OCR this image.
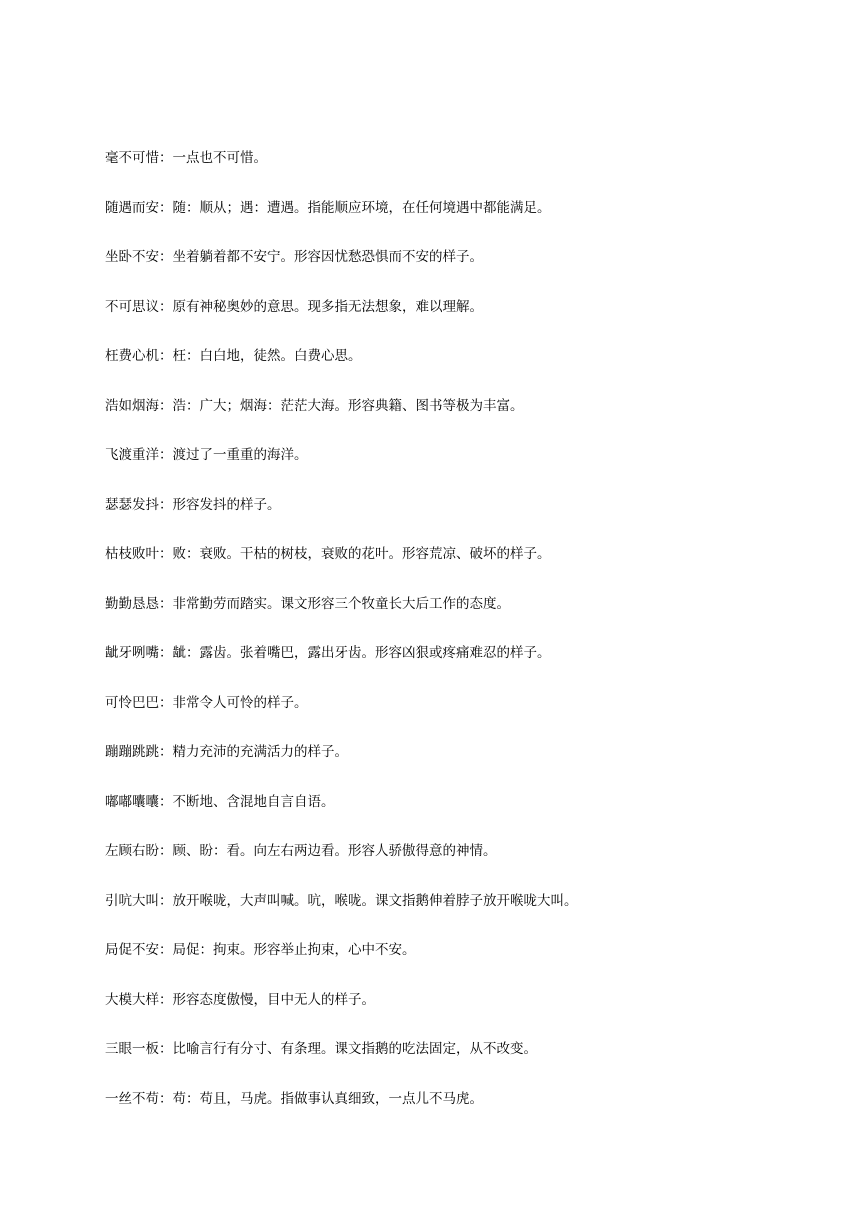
毫不可惜：一点也不可惜。
随遇而安：随：顺从；遇：遭遇。指能顺应环境，在任何境遇中都能满足。
坐卧不安：坐着躺着都不安宁。形容因忧愁恐惧而不安的样子。
不可思议：原有神秘奥妙的意思。现多指无法想象，难以理解。
枉费心机：枉：白白地，徒然。白费心思。
浩如烟海：浩：广大；烟海：茫茫大海。形容典籍、图书等极为丰富。
飞渡重洋：渡过了一重重的海洋。
瑟瑟发抖：形容发抖的样子。
枯枝败叶：败：衰败。干枯的树枝，衰败的花叶。形容荒凉、破坏的样子。
勤勤恳恳：非常勤劳而踏实。课文形容三个牧童长大后工作的态度。
龇牙咧嘴：龇：露齿。张着嘴巴，露出牙齿。形容凶狠或疼痛难忍的样子。
可怜巴巴：非常令人可怜的样子。
蹦蹦跳跳：精力充沛的充满活力的样子。
嘟嘟囔囔：不断地、含混地自言自语。
左顾右盼：顾、盼：看。向左右两边看。形容人骄傲得意的神情。
引吭大叫：放开喉咙，大声叫喊。吭，喉咙。课文指鹅伸着脖子放开喉咙大叫。
局促不安：局促：拘束。形容举止拘束，心中不安。
大模大样：形容态度傲慢，目中无人的样子。
三眼一板：比喻言行有分寸、有条理。课文指鹅的吃法固定，从不改变。
一丝不苟：苟：苟且，马虎。指做事认真细致，一点儿不马虎。
